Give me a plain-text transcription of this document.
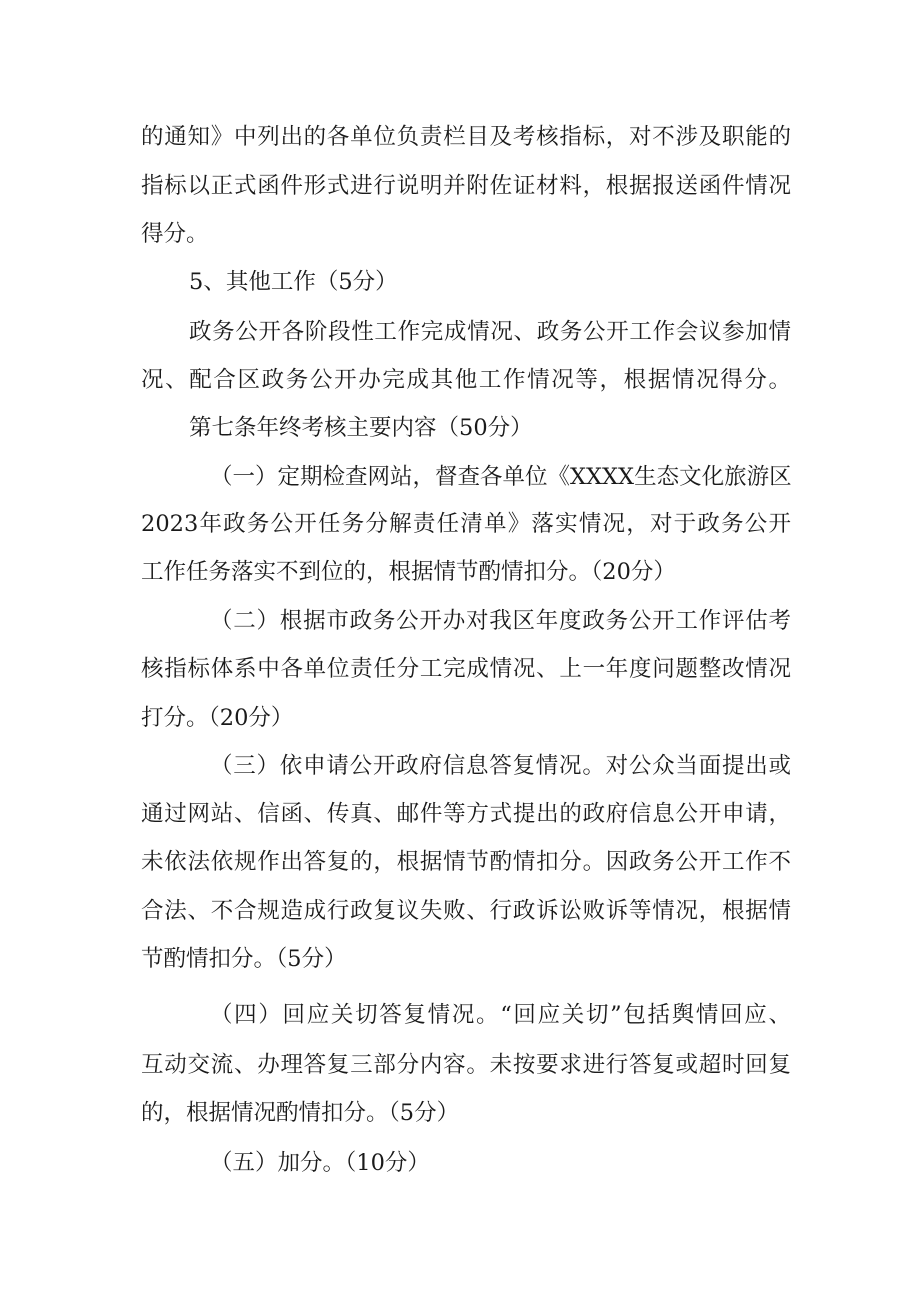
的通知》中列出的各单位负责栏目及考核指标，对不涉及职能的
指标以正式函件形式进行说明并附佐证材料，根据报送函件情况
得分。
5、其他工作（5分）
政务公开各阶段性工作完成情况、政务公开工作会议参加情
况、配合区政务公开办完成其他工作情况等，根据情况得分。
第七条年终考核主要内容（50分）
（一）定期检查网站，督查各单位《XXXX生态文化旅游区
2023年政务公开任务分解责任清单》落实情况，对于政务公开
工作任务落实不到位的，根据情节酌情扣分。（20分）
（二）根据市政务公开办对我区年度政务公开工作评估考
核指标体系中各单位责任分工完成情况、上一年度问题整改情况
打分。（20分）
（三）依申请公开政府信息答复情况。对公众当面提出或
通过网站、信函、传真、邮件等方式提出的政府信息公开申请，
未依法依规作出答复的，根据情节酌情扣分。因政务公开工作不
合法、不合规造成行政复议失败、行政诉讼败诉等情况，根据情
节酌情扣分。（5分）
（四）回应关切答复情况。“回应关切”包括舆情回应、
互动交流、办理答复三部分内容。未按要求进行答复或超时回复
的，根据情况酌情扣分。（5分）
（五）加分。（10分）
